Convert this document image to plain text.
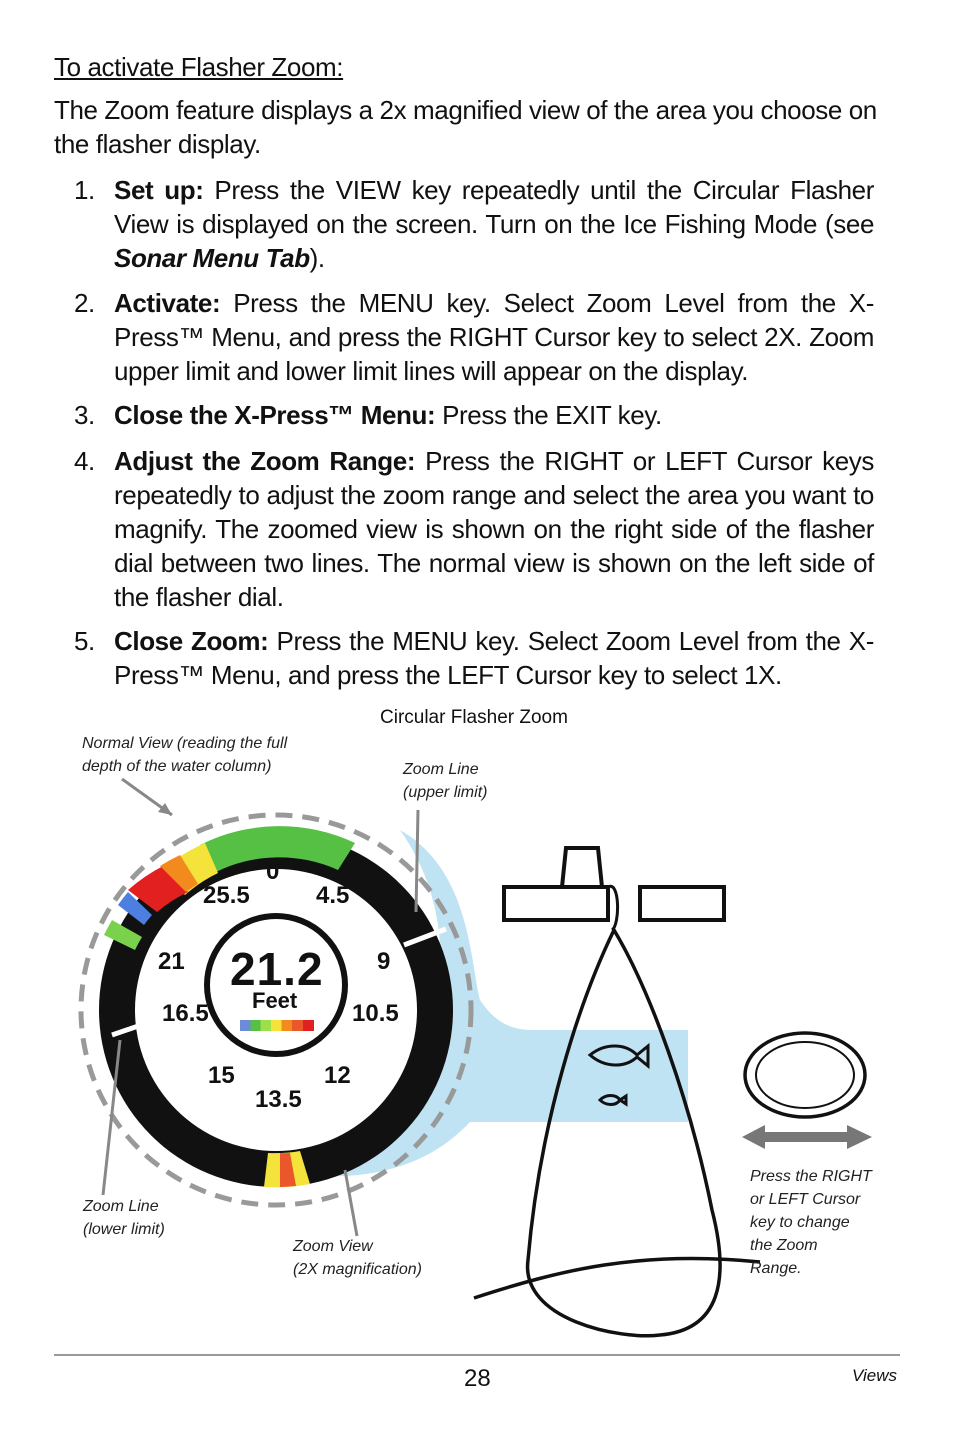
To activate Flasher Zoom:
The Zoom feature displays a 2x magnified view of the area you choose on the flasher display.
1. Set up: Press the VIEW key repeatedly until the Circular Flasher View is displayed on the screen. Turn on the Ice Fishing Mode (see Sonar Menu Tab).
2. Activate: Press the MENU key. Select Zoom Level from the X-Press™ Menu, and press the RIGHT Cursor key to select 2X. Zoom upper limit and lower limit lines will appear on the display.
3. Close the X-Press™ Menu: Press the EXIT key.
4. Adjust the Zoom Range: Press the RIGHT or LEFT Cursor keys repeatedly to adjust the zoom range and select the area you want to magnify. The zoomed view is shown on the right side of the flasher dial between two lines. The normal view is shown on the left side of the flasher dial.
5. Close Zoom: Press the MENU key. Select Zoom Level from the X-Press™ Menu, and press the LEFT Cursor key to select 1X.
Circular Flasher Zoom
0
4.5
9
10.5
12
13.5
15
16.5
21
25.5
21.2
Feet
Normal View (reading the full
depth of the water column)	Zoom Line
(upper limit)
Zoom Line
(lower limit)
Zoom View
(2X magnification)
Press the RIGHT
or LEFT Cursor
key to change
the Zoom
Range.
28	Views
